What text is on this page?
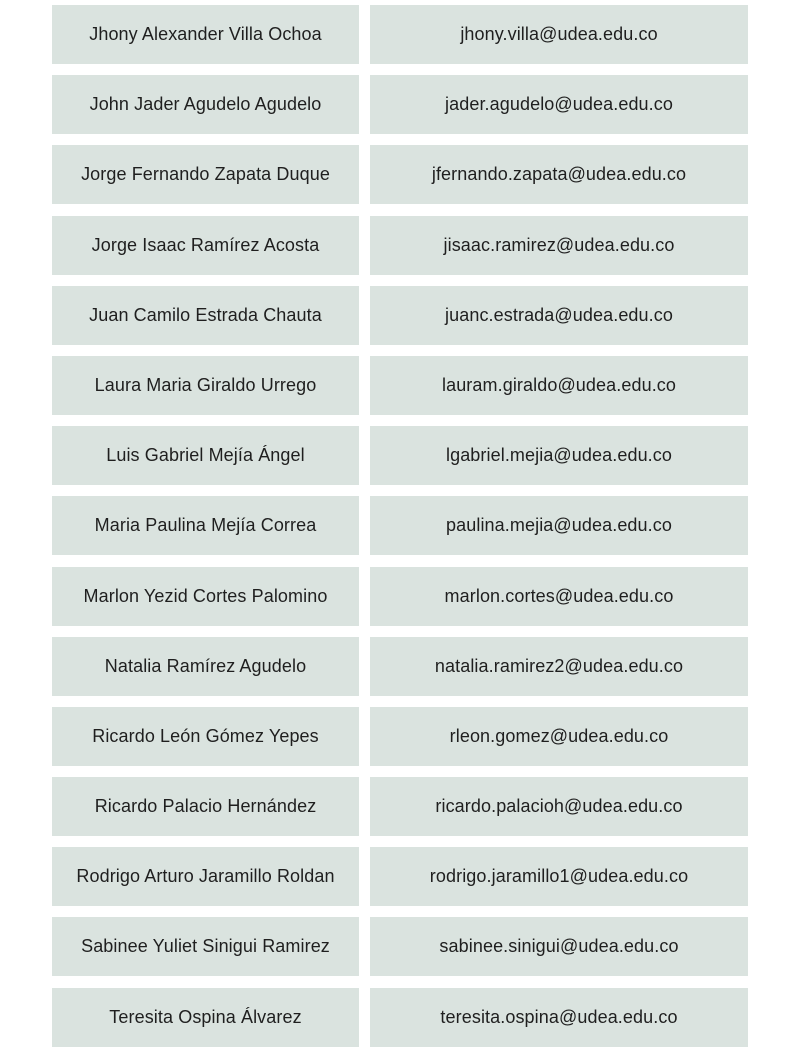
Jhony Alexander Villa Ochoa	jhony.villa@udea.edu.co
John Jader Agudelo Agudelo	jader.agudelo@udea.edu.co
Jorge Fernando Zapata Duque	jfernando.zapata@udea.edu.co
Jorge Isaac Ramírez Acosta	jisaac.ramirez@udea.edu.co
Juan Camilo Estrada Chauta	juanc.estrada@udea.edu.co
Laura Maria Giraldo Urrego	lauram.giraldo@udea.edu.co
Luis Gabriel Mejía Ángel	lgabriel.mejia@udea.edu.co
Maria Paulina Mejía Correa	paulina.mejia@udea.edu.co
Marlon Yezid Cortes Palomino	marlon.cortes@udea.edu.co
Natalia Ramírez Agudelo	natalia.ramirez2@udea.edu.co
Ricardo León Gómez Yepes	rleon.gomez@udea.edu.co
Ricardo Palacio Hernández	ricardo.palacioh@udea.edu.co
Rodrigo Arturo Jaramillo Roldan	rodrigo.jaramillo1@udea.edu.co
Sabinee Yuliet Sinigui Ramirez	sabinee.sinigui@udea.edu.co
Teresita Ospina Álvarez	teresita.ospina@udea.edu.co
